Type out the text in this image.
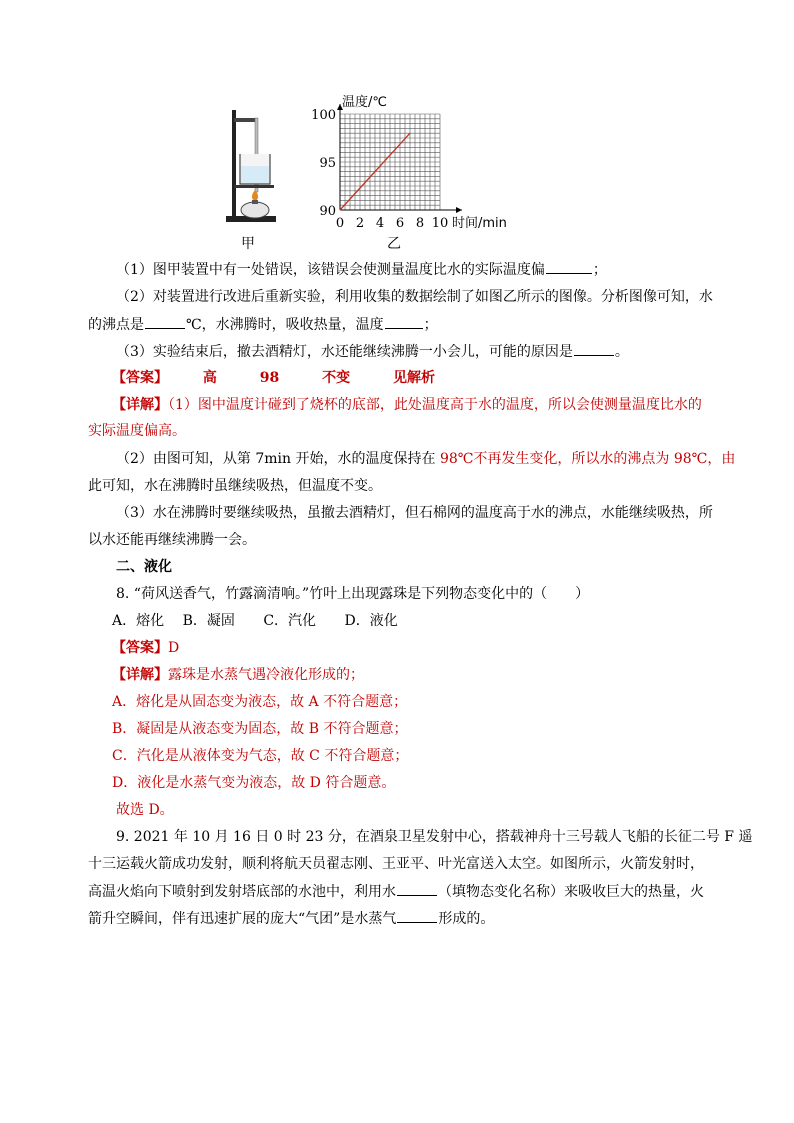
甲
100
95
90
0 2 4 6 8 10
温度/℃
时间/min
乙
（1）图甲装置中有一处错误，该错误会使测量温度比水的实际温度偏	；
（2）对装置进行改进后重新实验，利用收集的数据绘制了如图乙所示的图像。分析图像可知，水
的沸点是	℃，水沸腾时，吸收热量，温度	；
（3）实验结束后，撤去酒精灯，水还能继续沸腾一小会儿，可能的原因是	。
【答案】 高	98	不变	见解析
【详解】（1）图中温度计碰到了烧杯的底部，此处温度高于水的温度，所以会使测量温度比水的
实际温度偏高。
（2）由图可知，从第 7min 开始，水的温度保持在 98℃不再发生变化，所以水的沸点为 98℃，由
此可知，水在沸腾时虽继续吸热，但温度不变。
（3）水在沸腾时要继续吸热，虽撤去酒精灯，但石棉网的温度高于水的沸点，水能继续吸热，所
以水还能再继续沸腾一会。
二、液化
8. “荷风送香气，竹露滴清响。”竹叶上出现露珠是下列物态变化中的（　　）
A．熔化 B．凝固 C．汽化 D．液化
【答案】D
【详解】露珠是水蒸气遇冷液化形成的；
A．熔化是从固态变为液态，故 A 不符合题意；
B．凝固是从液态变为固态，故 B 不符合题意；
C．汽化是从液体变为气态，故 C 不符合题意；
D．液化是水蒸气变为液态，故 D 符合题意。
故选 D。
9. 2021 年 10 月 16 日 0 时 23 分，在酒泉卫星发射中心，搭载神舟十三号载人飞船的长征二号 F 遥
十三运载火箭成功发射，顺利将航天员翟志刚、王亚平、叶光富送入太空。如图所示，火箭发射时，
高温火焰向下喷射到发射塔底部的水池中，利用水	（填物态变化名称）来吸收巨大的热量，火
箭升空瞬间，伴有迅速扩展的庞大“气团”是水蒸气	形成的。
